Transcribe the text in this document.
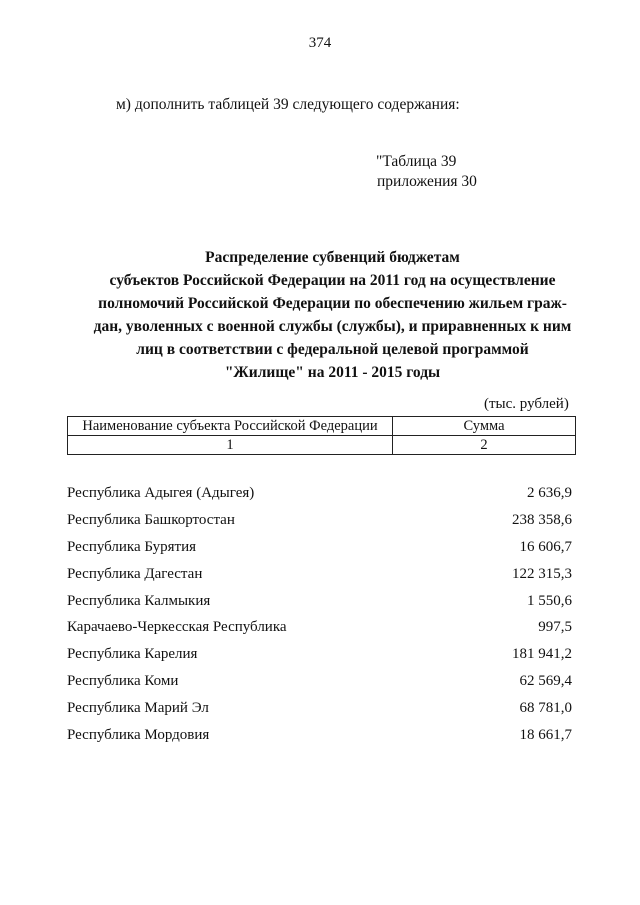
374
м) дополнить таблицей 39 следующего содержания:
"Таблица 39
приложения 30
Распределение субвенций бюджетам
субъектов Российской Федерации на 2011 год на осуществление
полномочий Российской Федерации по обеспечению жильем граж-
дан, уволенных с военной службы (службы), и приравненных к ним
лиц в соответствии с федеральной целевой программой
"Жилище" на 2011 - 2015 годы
(тыс. рублей)
Наименование субъекта Российской Федерации	Сумма
1	2
Республика Адыгея (Адыгея)	2 636,9
Республика Башкортостан	238 358,6
Республика Бурятия	16 606,7
Республика Дагестан	122 315,3
Республика Калмыкия	1 550,6
Карачаево-Черкесская Республика	997,5
Республика Карелия	181 941,2
Республика Коми	62 569,4
Республика Марий Эл	68 781,0
Республика Мордовия	18 661,7
